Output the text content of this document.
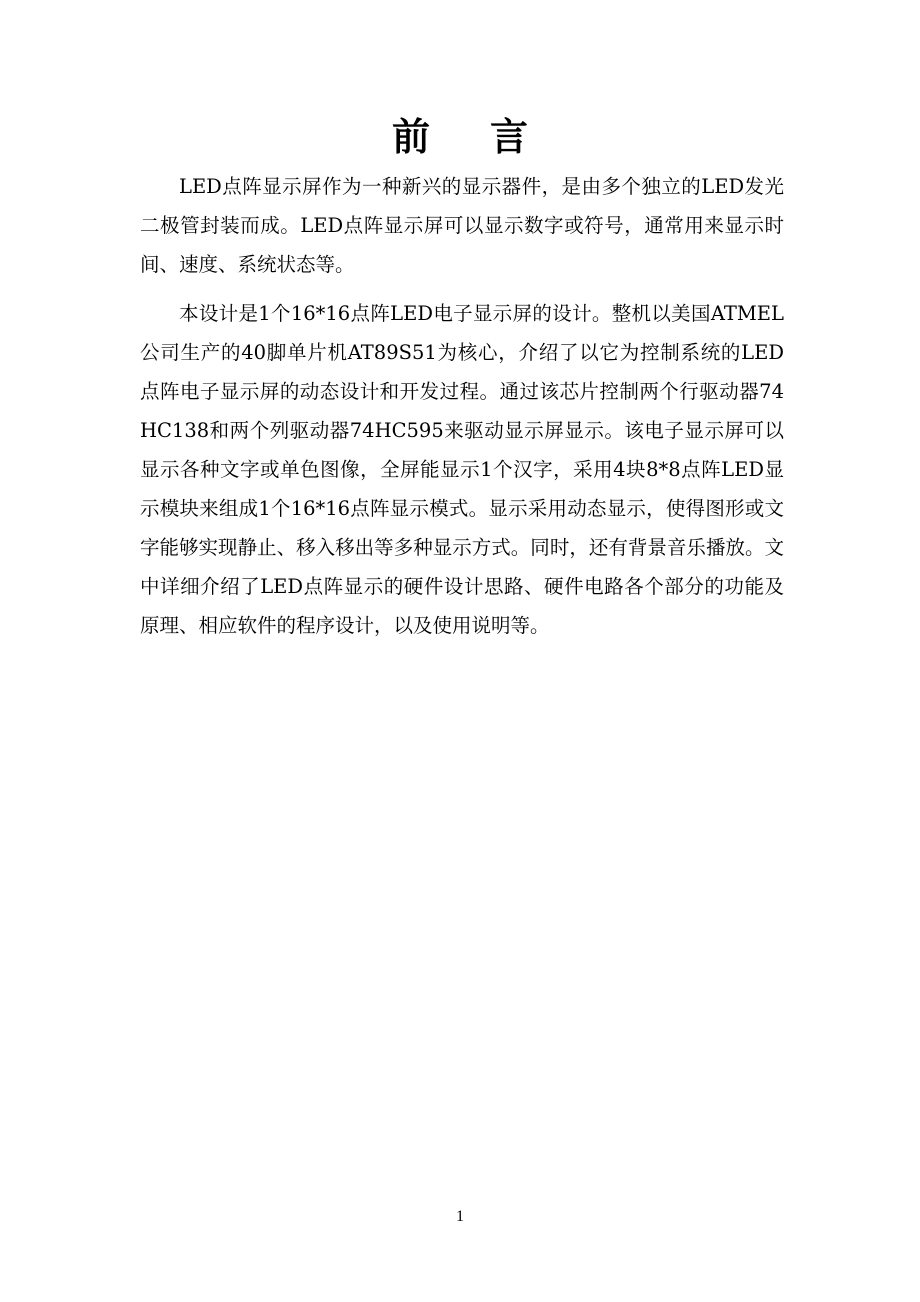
前言

LED点阵显示屏作为一种新兴的显示器件，是由多个独立的LED发光二极管封装而成。LED点阵显示屏可以显示数字或符号，通常用来显示时间、速度、系统状态等。

本设计是1个16*16点阵LED电子显示屏的设计。整机以美国ATMEL公司生产的40脚单片机AT89S51为核心，介绍了以它为控制系统的LED点阵电子显示屏的动态设计和开发过程。通过该芯片控制两个行驱动器74HC138和两个列驱动器74HC595来驱动显示屏显示。该电子显示屏可以显示各种文字或单色图像，全屏能显示1个汉字，采用4块8*8点阵LED显示模块来组成1个16*16点阵显示模式。显示采用动态显示，使得图形或文字能够实现静止、移入移出等多种显示方式。同时，还有背景音乐播放。文中详细介绍了LED点阵显示的硬件设计思路、硬件电路各个部分的功能及原理、相应软件的程序设计，以及使用说明等。

1
